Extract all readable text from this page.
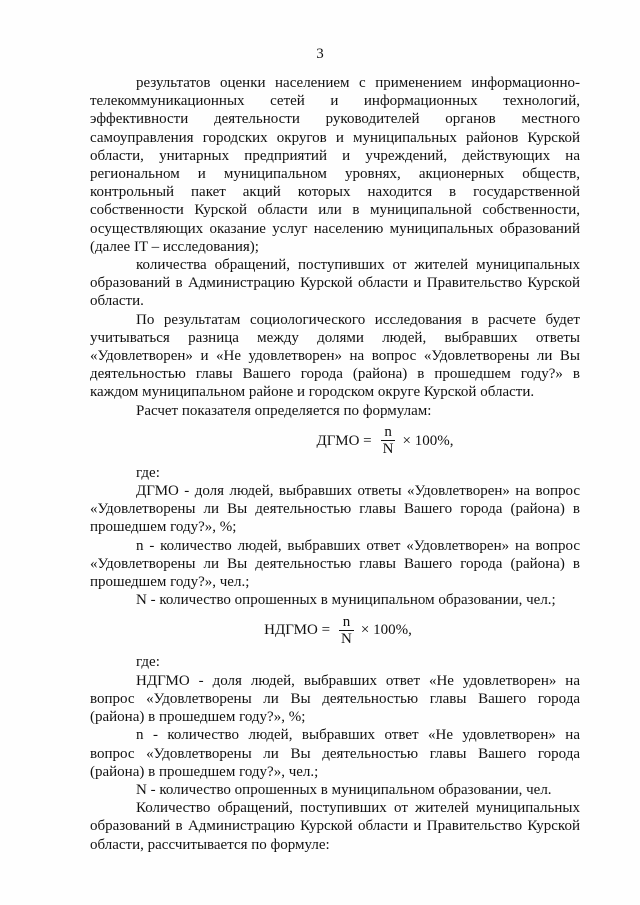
3

результатов оценки населением с применением информационно-телекоммуникационных сетей и информационных технологий, эффективности деятельности руководителей органов местного самоуправления городских округов и муниципальных районов Курской области, унитарных предприятий и учреждений, действующих на региональном и муниципальном уровнях, акционерных обществ, контрольный пакет акций которых находится в государственной собственности Курской области или в муниципальной собственности, осуществляющих оказание услуг населению муниципальных образований (далее IT – исследования);

количества обращений, поступивших от жителей муниципальных образований в Администрацию Курской области и Правительство Курской области.

По результатам социологического исследования в расчете будет учитываться разница между долями людей, выбравших ответы «Удовлетворен» и «Не удовлетворен» на вопрос «Удовлетворены ли Вы деятельностью главы Вашего города (района) в прошедшем году?» в каждом муниципальном районе и городском округе Курской области.

Расчет показателя определяется по формулам:

ДГМО = $\frac{n}{N} \times 100\%$,

где:

ДГМО - доля людей, выбравших ответы «Удовлетворен» на вопрос «Удовлетворены ли Вы деятельностью главы Вашего города (района) в прошедшем году?», %;

n - количество людей, выбравших ответ «Удовлетворен» на вопрос «Удовлетворены ли Вы деятельностью главы Вашего города (района) в прошедшем году?», чел.;

N - количество опрошенных в муниципальном образовании, чел.;

НДГМО = $\frac{n}{N} \times 100\%$,

где:

НДГМО - доля людей, выбравших ответ «Не удовлетворен» на вопрос «Удовлетворены ли Вы деятельностью главы Вашего города (района) в прошедшем году?», %;

n - количество людей, выбравших ответ «Не удовлетворен» на вопрос «Удовлетворены ли Вы деятельностью главы Вашего города (района) в прошедшем году?», чел.;

N - количество опрошенных в муниципальном образовании, чел.

Количество обращений, поступивших от жителей муниципальных образований в Администрацию Курской области и Правительство Курской области, рассчитывается по формуле:
